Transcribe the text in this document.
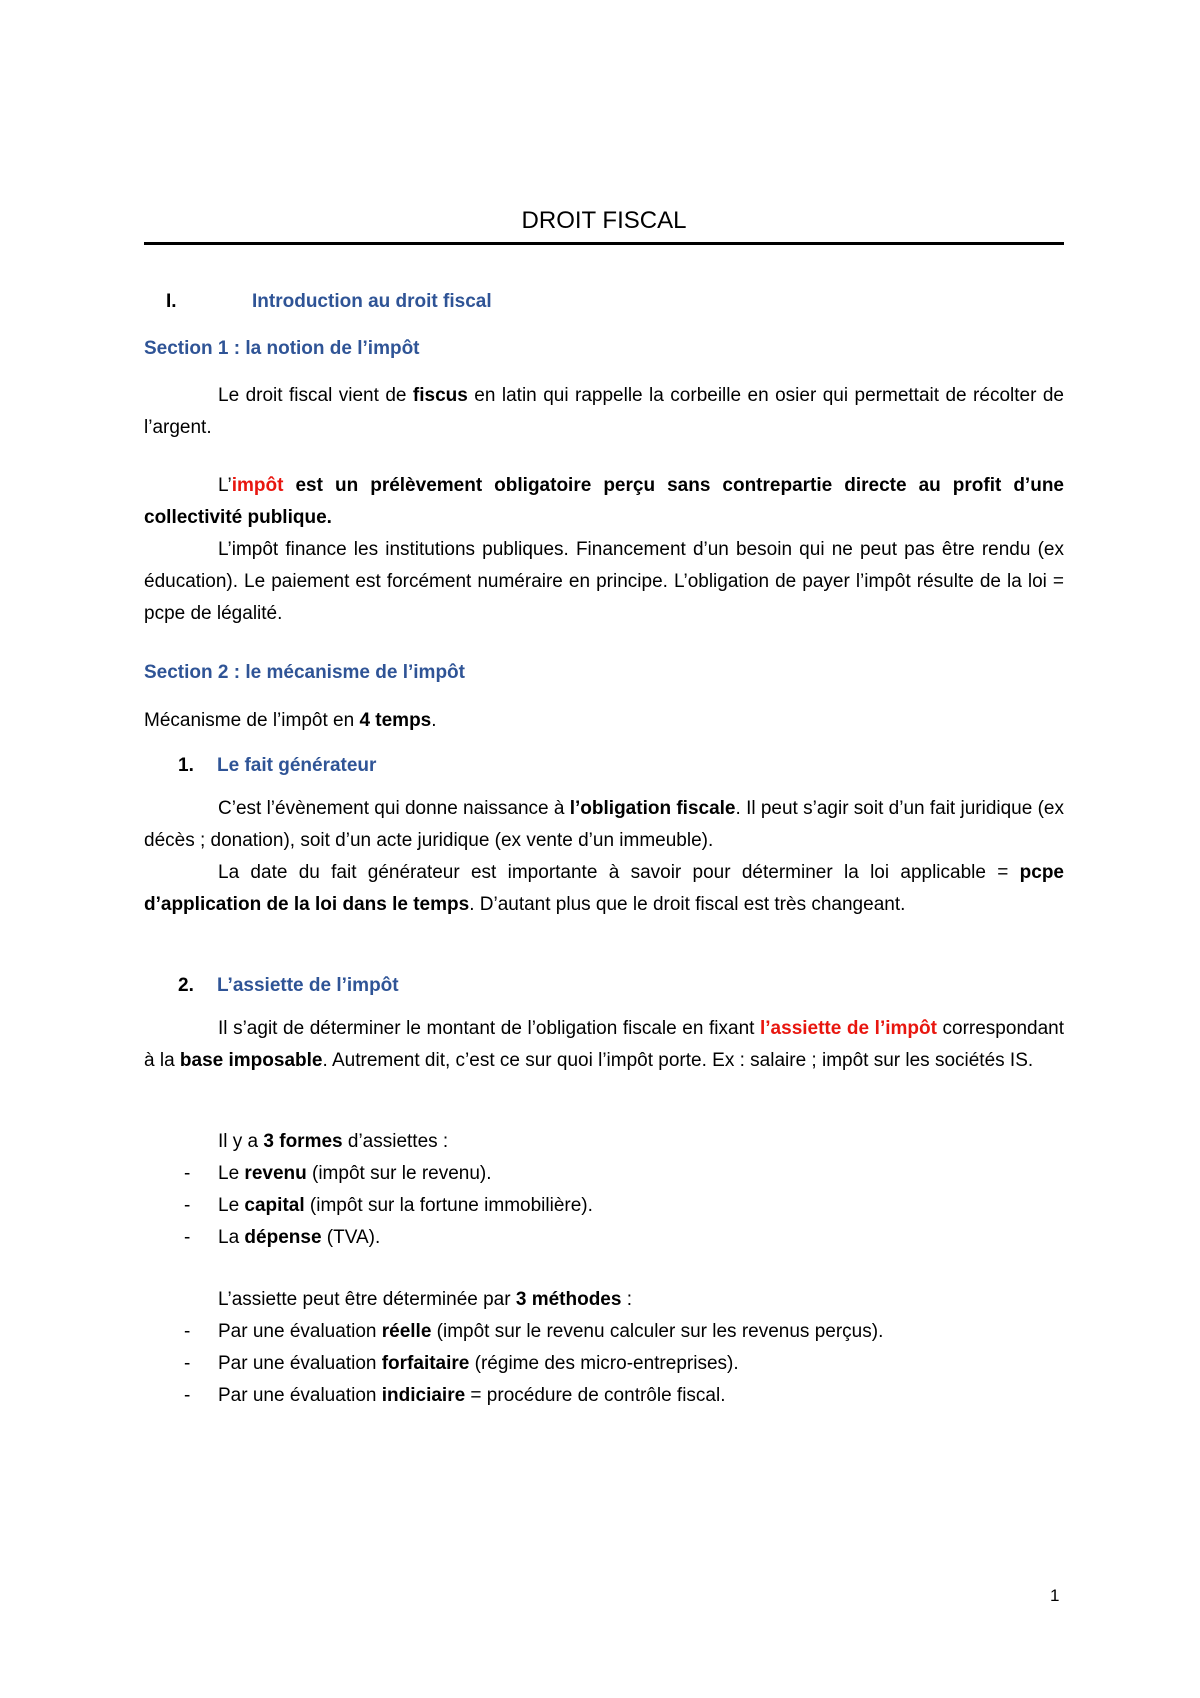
DROIT FISCAL
I.	Introduction au droit fiscal
Section 1 : la notion de l’impôt
Le droit fiscal vient de fiscus en latin qui rappelle la corbeille en osier qui permettait de récolter de l’argent.
L’impôt est un prélèvement obligatoire perçu sans contrepartie directe au profit d’une collectivité publique.
L’impôt finance les institutions publiques. Financement d’un besoin qui ne peut pas être rendu (ex éducation). Le paiement est forcément numéraire en principe. L’obligation de payer l’impôt résulte de la loi = pcpe de légalité.
Section 2 : le mécanisme de l’impôt
Mécanisme de l’impôt en 4 temps.
1. Le fait générateur
C’est l’évènement qui donne naissance à l’obligation fiscale. Il peut s’agir soit d’un fait juridique (ex décès ; donation), soit d’un acte juridique (ex vente d’un immeuble).
La date du fait générateur est importante à savoir pour déterminer la loi applicable = pcpe d’application de la loi dans le temps. D’autant plus que le droit fiscal est très changeant.
2. L’assiette de l’impôt
Il s’agit de déterminer le montant de l’obligation fiscale en fixant l’assiette de l’impôt correspondant à la base imposable. Autrement dit, c’est ce sur quoi l’impôt porte. Ex : salaire ; impôt sur les sociétés IS.
Il y a 3 formes d’assiettes :
- Le revenu (impôt sur le revenu).
- Le capital (impôt sur la fortune immobilière).
- La dépense (TVA).
L’assiette peut être déterminée par 3 méthodes :
- Par une évaluation réelle (impôt sur le revenu calculer sur les revenus perçus).
- Par une évaluation forfaitaire (régime des micro-entreprises).
- Par une évaluation indiciaire = procédure de contrôle fiscal.
1
